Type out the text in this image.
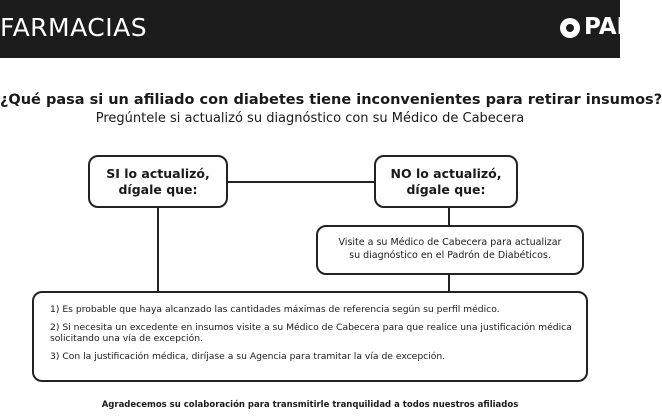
FARMACIAS	PAN
¿Qué pasa si un afiliado con diabetes tiene inconvenientes para retirar insumos?
Pregúntele si actualizó su diagnóstico con su Médico de Cabecera
SI lo actualizó,
dígale que:
NO lo actualizó,
dígale que:
Visite a su Médico de Cabecera para actualizar
su diagnóstico en el Padrón de Diabéticos.

1) Es probable que haya alcanzado las cantidades máximas de referencia según su perfil médico.

2) Si necesita un excedente en insumos visite a su Médico de Cabecera para que realice una justificación médica solicitando una vía de excepción.

3) Con la justificación médica, diríjase a su Agencia para tramitar la vía de excepción.

Agradecemos su colaboración para transmitirle tranquilidad a todos nuestros afiliados
